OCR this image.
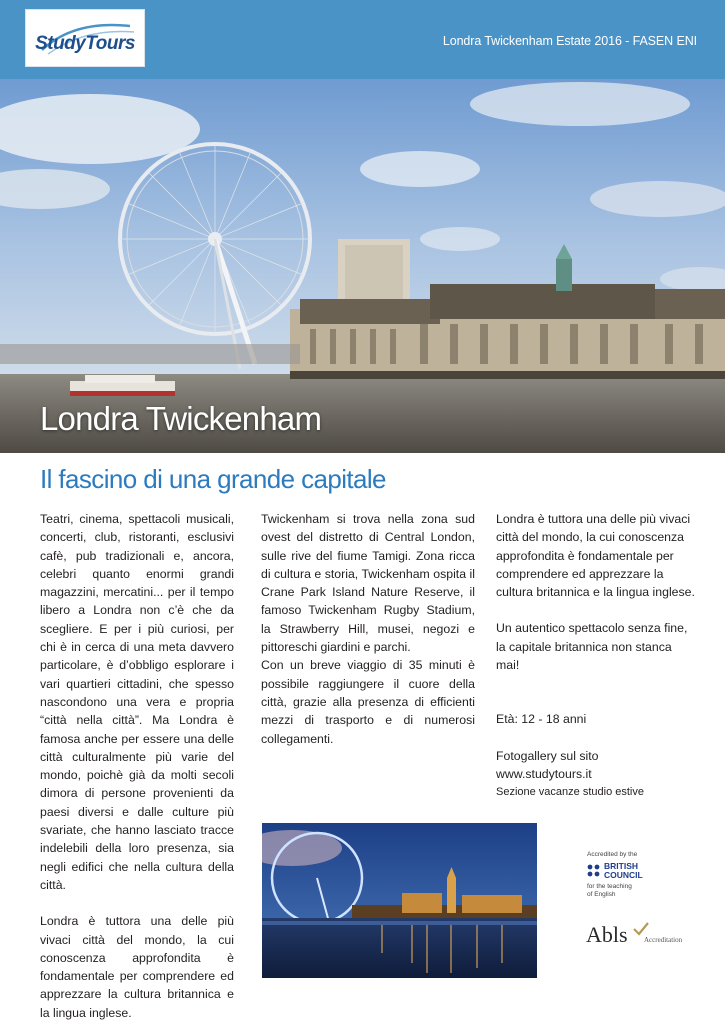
StudyTours	Londra Twickenham Estate 2016 - FASEN ENI
Londra Twickenham
Il fascino di una grande capitale

Teatri, cinema, spettacoli musicali, concerti, club, ristoranti, esclusivi cafè, pub tradizionali e, ancora, celebri quanto enormi grandi magazzini, mercatini... per il tempo libero a Londra non c’è che da scegliere. E per i più curiosi, per chi è in cerca di una meta davvero particolare, è d’obbligo esplorare i vari quartieri cittadini, che spesso nascondono una vera e propria “città nella città”. Ma Londra è famosa anche per essere una delle città culturalmente più varie del mondo, poichè già da molti secoli dimora di persone provenienti da paesi diversi e dalle culture più svariate, che hanno lasciato tracce indelebili della loro presenza, sia negli edifici che nella cultura della città.

Londra è tuttora una delle più vivaci città del mondo, la cui conoscenza approfondita è fondamentale per comprendere ed apprezzare la cultura britannica e la lingua inglese.

Twickenham si trova nella zona sud ovest del distretto di Central London, sulle rive del fiume Tamigi. Zona ricca di cultura e storia, Twickenham ospita il Crane Park Island Nature Reserve, il famoso Twickenham Rugby Stadium, la Strawberry Hill, musei, negozi e pittoreschi giardini e parchi.

Con un breve viaggio di 35 minuti è possibile raggiungere il cuore della città, grazie alla presenza di efficienti mezzi di trasporto e di numerosi collegamenti.

Londra è tuttora una delle più vivaci città del mondo, la cui conoscenza approfondita è fondamentale per comprendere ed apprezzare la cultura britannica e la lingua inglese.

Un autentico spettacolo senza fine, la capitale britannica non stanca mai!

Età: 12 - 18 anni

Fotogallery sul sito

www.studytours.it

Sezione vacanze studio estive

Accredited by the
BRITISH
COUNCIL
for the teaching
of English
Abls Accreditation
